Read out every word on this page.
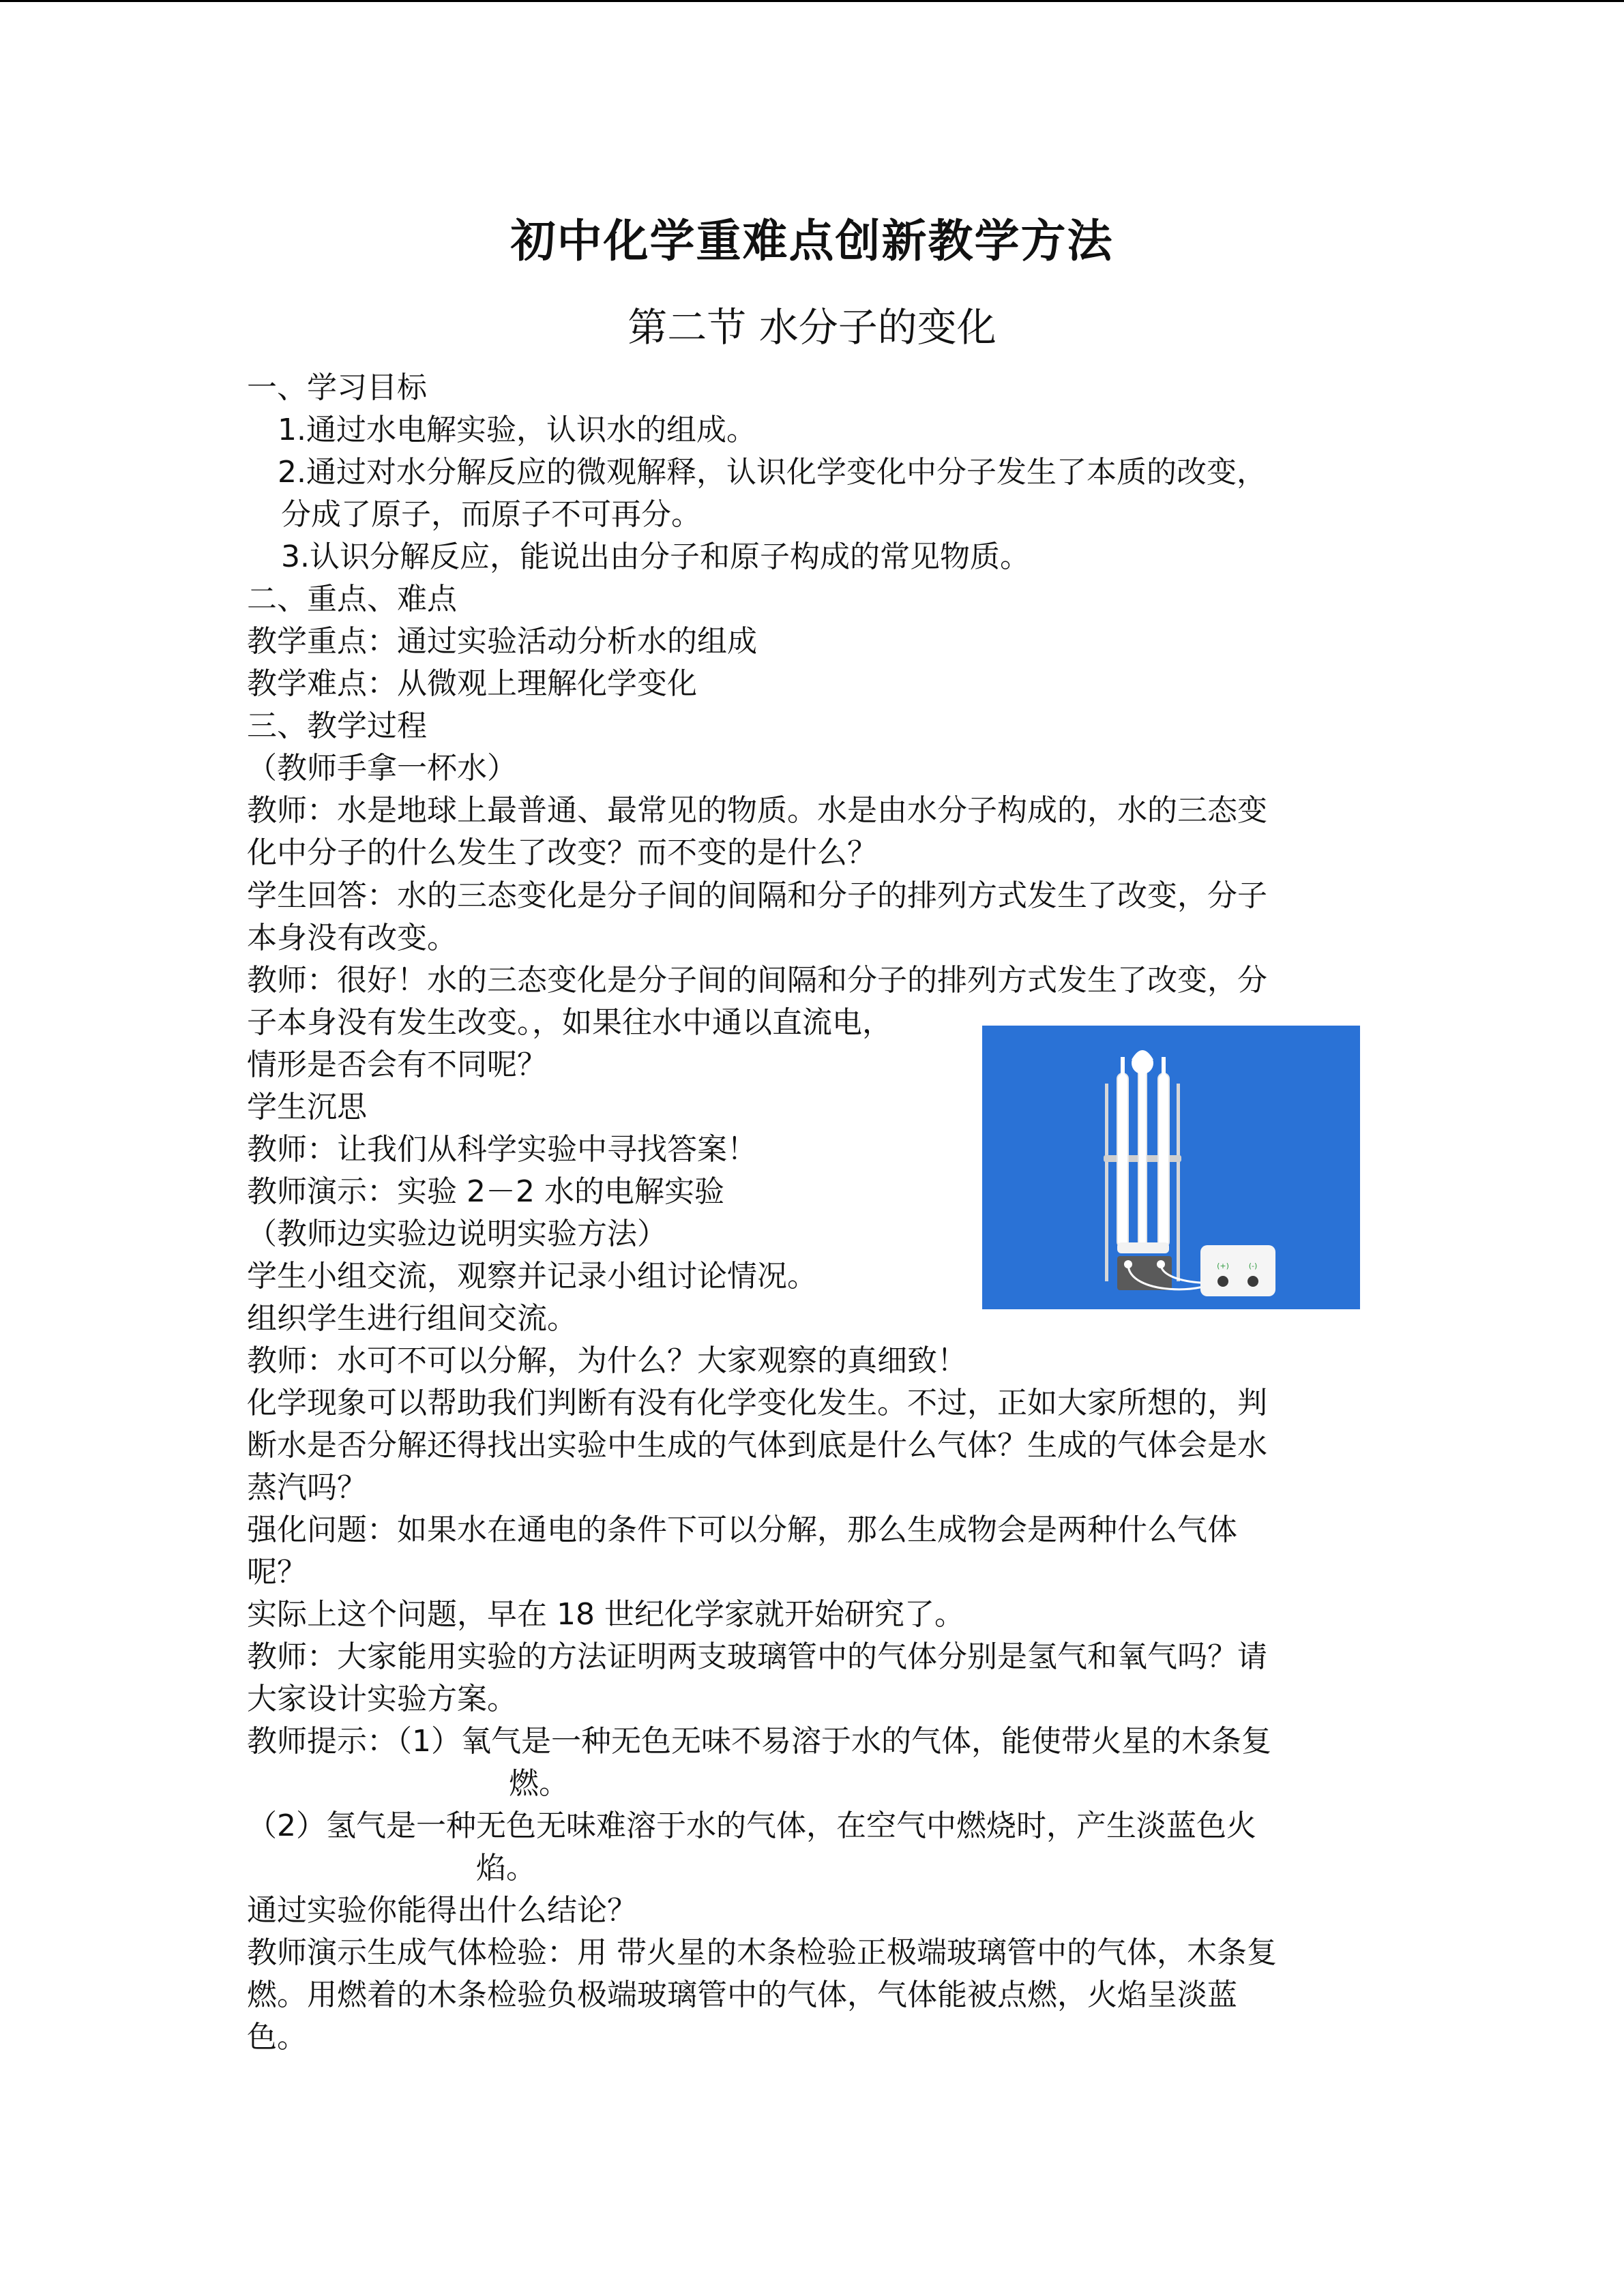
初中化学重难点创新教学方法
第二节 水分子的变化
一、学习目标
1.通过水电解实验，认识水的组成。
2.通过对水分解反应的微观解释，认识化学变化中分子发生了本质的改变，
分成了原子，而原子不可再分。
3.认识分解反应，能说出由分子和原子构成的常见物质。
二、重点、难点
教学重点：通过实验活动分析水的组成
教学难点：从微观上理解化学变化
三、教学过程
（教师手拿一杯水）
教师：水是地球上最普通、最常见的物质。水是由水分子构成的，水的三态变
化中分子的什么发生了改变？而不变的是什么？
学生回答：水的三态变化是分子间的间隔和分子的排列方式发生了改变，分子
本身没有改变。
教师：很好！水的三态变化是分子间的间隔和分子的排列方式发生了改变，分
子本身没有发生改变。，如果往水中通以直流电，
情形是否会有不同呢？
学生沉思
教师：让我们从科学实验中寻找答案！
教师演示：实验 2－2 水的电解实验
（教师边实验边说明实验方法）
学生小组交流，观察并记录小组讨论情况。
组织学生进行组间交流。
教师：水可不可以分解，为什么？大家观察的真细致！
化学现象可以帮助我们判断有没有化学变化发生。不过，正如大家所想的，判
断水是否分解还得找出实验中生成的气体到底是什么气体？生成的气体会是水
蒸汽吗？
强化问题：如果水在通电的条件下可以分解，那么生成物会是两种什么气体
呢？
实际上这个问题，早在 18 世纪化学家就开始研究了。
教师：大家能用实验的方法证明两支玻璃管中的气体分别是氢气和氧气吗？请
大家设计实验方案。
教师提示：（1）氧气是一种无色无味不易溶于水的气体，能使带火星的木条复
燃。
（2）氢气是一种无色无味难溶于水的气体，在空气中燃烧时，产生淡蓝色火
焰。
通过实验你能得出什么结论？
教师演示生成气体检验：用 带火星的木条检验正极端玻璃管中的气体，木条复
燃。用燃着的木条检验负极端玻璃管中的气体，气体能被点燃，火焰呈淡蓝
色。
(+)	(-)
